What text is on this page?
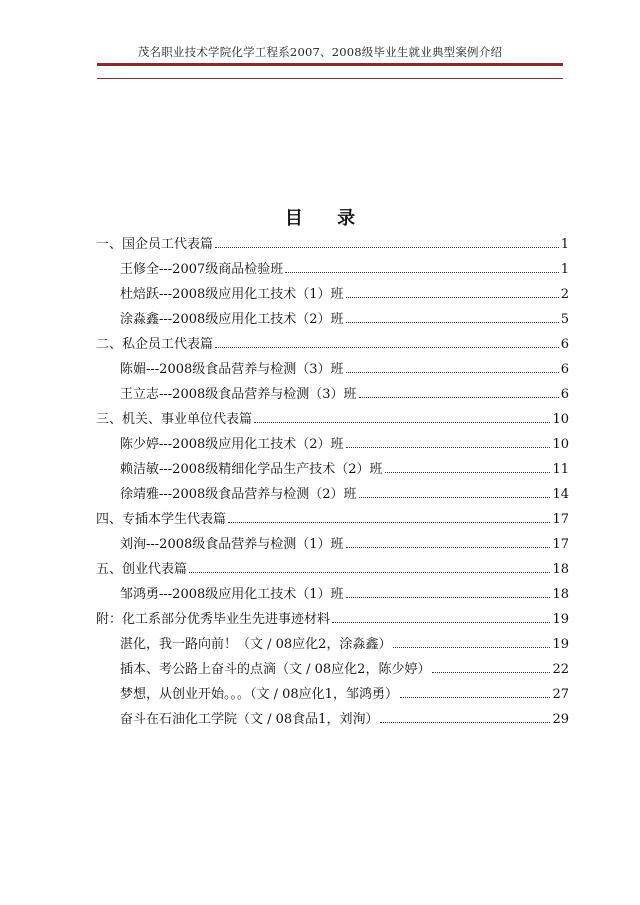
茂名职业技术学院化学工程系2007、2008级毕业生就业典型案例介绍
目 录
一、国企员工代表篇	1
王修全---2007级商品检验班	1
杜焙跃---2008级应用化工技术（1）班	2
涂淼鑫---2008级应用化工技术（2）班	5
二、私企员工代表篇	6
陈媚---2008级食品营养与检测（3）班	6
王立志---2008级食品营养与检测（3）班	6
三、机关、事业单位代表篇	10
陈少婷---2008级应用化工技术（2）班	10
赖洁敏---2008级精细化学品生产技术（2）班	11
徐靖雅---2008级食品营养与检测（2）班	14
四、专插本学生代表篇	17
刘洵---2008级食品营养与检测（1）班	17
五、创业代表篇	18
邹鸿勇---2008级应用化工技术（1）班	18
附：化工系部分优秀毕业生先进事迹材料	19
湛化，我一路向前！（文 / 08应化2，涂淼鑫）	19
插本、考公路上奋斗的点滴（文 / 08应化2，陈少婷）	22
梦想，从创业开始。。。（文 / 08应化1，邹鸿勇）	27
奋斗在石油化工学院（文 / 08食品1，刘洵）	29
